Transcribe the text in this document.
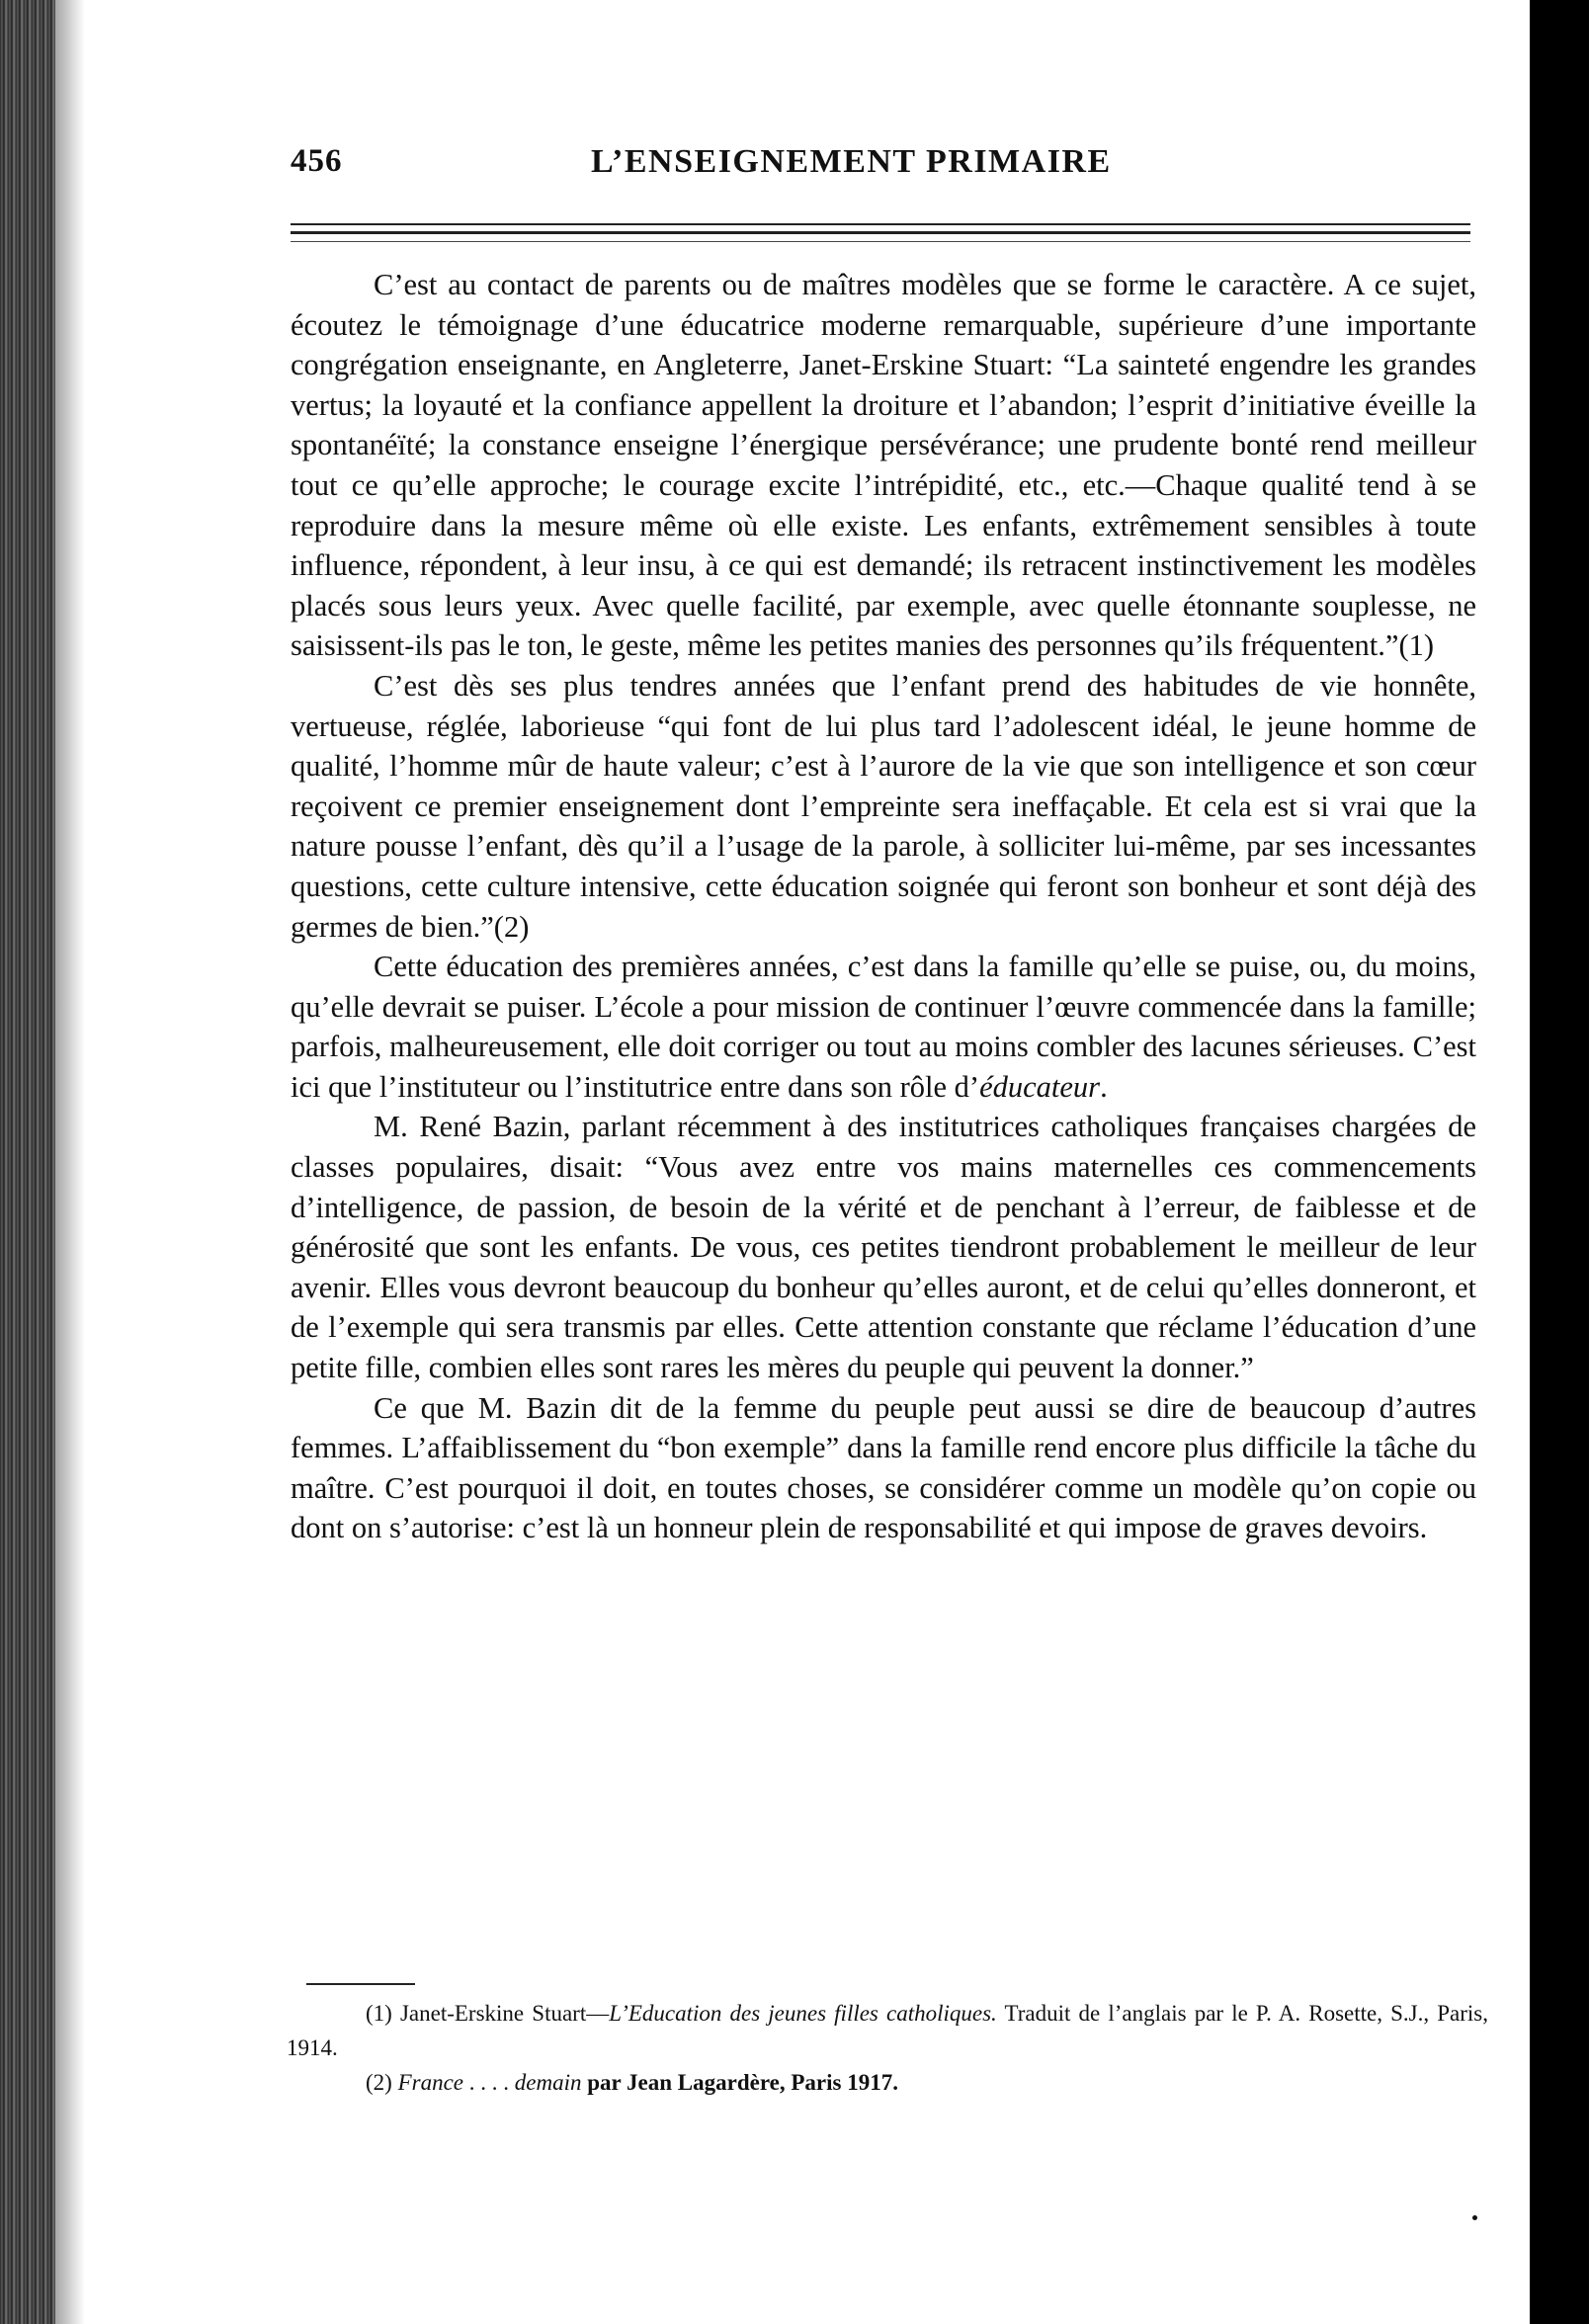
456	L’ENSEIGNEMENT PRIMAIRE

C’est au contact de parents ou de maîtres modèles que se forme le caractère. A ce sujet, écoutez le témoignage d’une éducatrice moderne remarquable, supérieure d’une importante congrégation enseignante, en Angleterre, Janet-Erskine Stuart: “La sainteté engendre les grandes vertus; la loyauté et la confiance appellent la droiture et l’abandon; l’esprit d’initiative éveille la spontanéïté; la constance enseigne l’énergique persévérance; une prudente bonté rend meilleur tout ce qu’elle approche; le courage excite l’intrépidité, etc., etc.—Chaque qualité tend à se reproduire dans la mesure même où elle existe. Les enfants, extrêmement sensibles à toute influence, répondent, à leur insu, à ce qui est demandé; ils retracent instinctivement les modèles placés sous leurs yeux. Avec quelle facilité, par exemple, avec quelle étonnante souplesse, ne saisissent-ils pas le ton, le geste, même les petites manies des personnes qu’ils fréquentent.”(1)

C’est dès ses plus tendres années que l’enfant prend des habitudes de vie honnête, vertueuse, réglée, laborieuse “qui font de lui plus tard l’adolescent idéal, le jeune homme de qualité, l’homme mûr de haute valeur; c’est à l’aurore de la vie que son intelligence et son cœur reçoivent ce premier enseignement dont l’empreinte sera ineffaçable. Et cela est si vrai que la nature pousse l’enfant, dès qu’il a l’usage de la parole, à solliciter lui-même, par ses incessantes questions, cette culture intensive, cette éducation soignée qui feront son bonheur et sont déjà des germes de bien.”(2)

Cette éducation des premières années, c’est dans la famille qu’elle se puise, ou, du moins, qu’elle devrait se puiser. L’école a pour mission de continuer l’œuvre commencée dans la famille; parfois, malheureusement, elle doit corriger ou tout au moins combler des lacunes sérieuses. C’est ici que l’instituteur ou l’institutrice entre dans son rôle d’éducateur.

M. René Bazin, parlant récemment à des institutrices catholiques françaises chargées de classes populaires, disait: “Vous avez entre vos mains maternelles ces commencements d’intelligence, de passion, de besoin de la vérité et de penchant à l’erreur, de faiblesse et de générosité que sont les enfants. De vous, ces petites tiendront probablement le meilleur de leur avenir. Elles vous devront beaucoup du bonheur qu’elles auront, et de celui qu’elles donneront, et de l’exemple qui sera transmis par elles. Cette attention constante que réclame l’éducation d’une petite fille, combien elles sont rares les mères du peuple qui peuvent la donner.”

Ce que M. Bazin dit de la femme du peuple peut aussi se dire de beaucoup d’autres femmes. L’affaiblissement du “bon exemple” dans la famille rend encore plus difficile la tâche du maître. C’est pourquoi il doit, en toutes choses, se considérer comme un modèle qu’on copie ou dont on s’autorise: c’est là un honneur plein de responsabilité et qui impose de graves devoirs.

(1) Janet-Erskine Stuart—L’Education des jeunes filles catholiques. Traduit de l’anglais par le P. A. Rosette, S.J., Paris, 1914.

(2) France . . . . demain par Jean Lagardère, Paris 1917.
